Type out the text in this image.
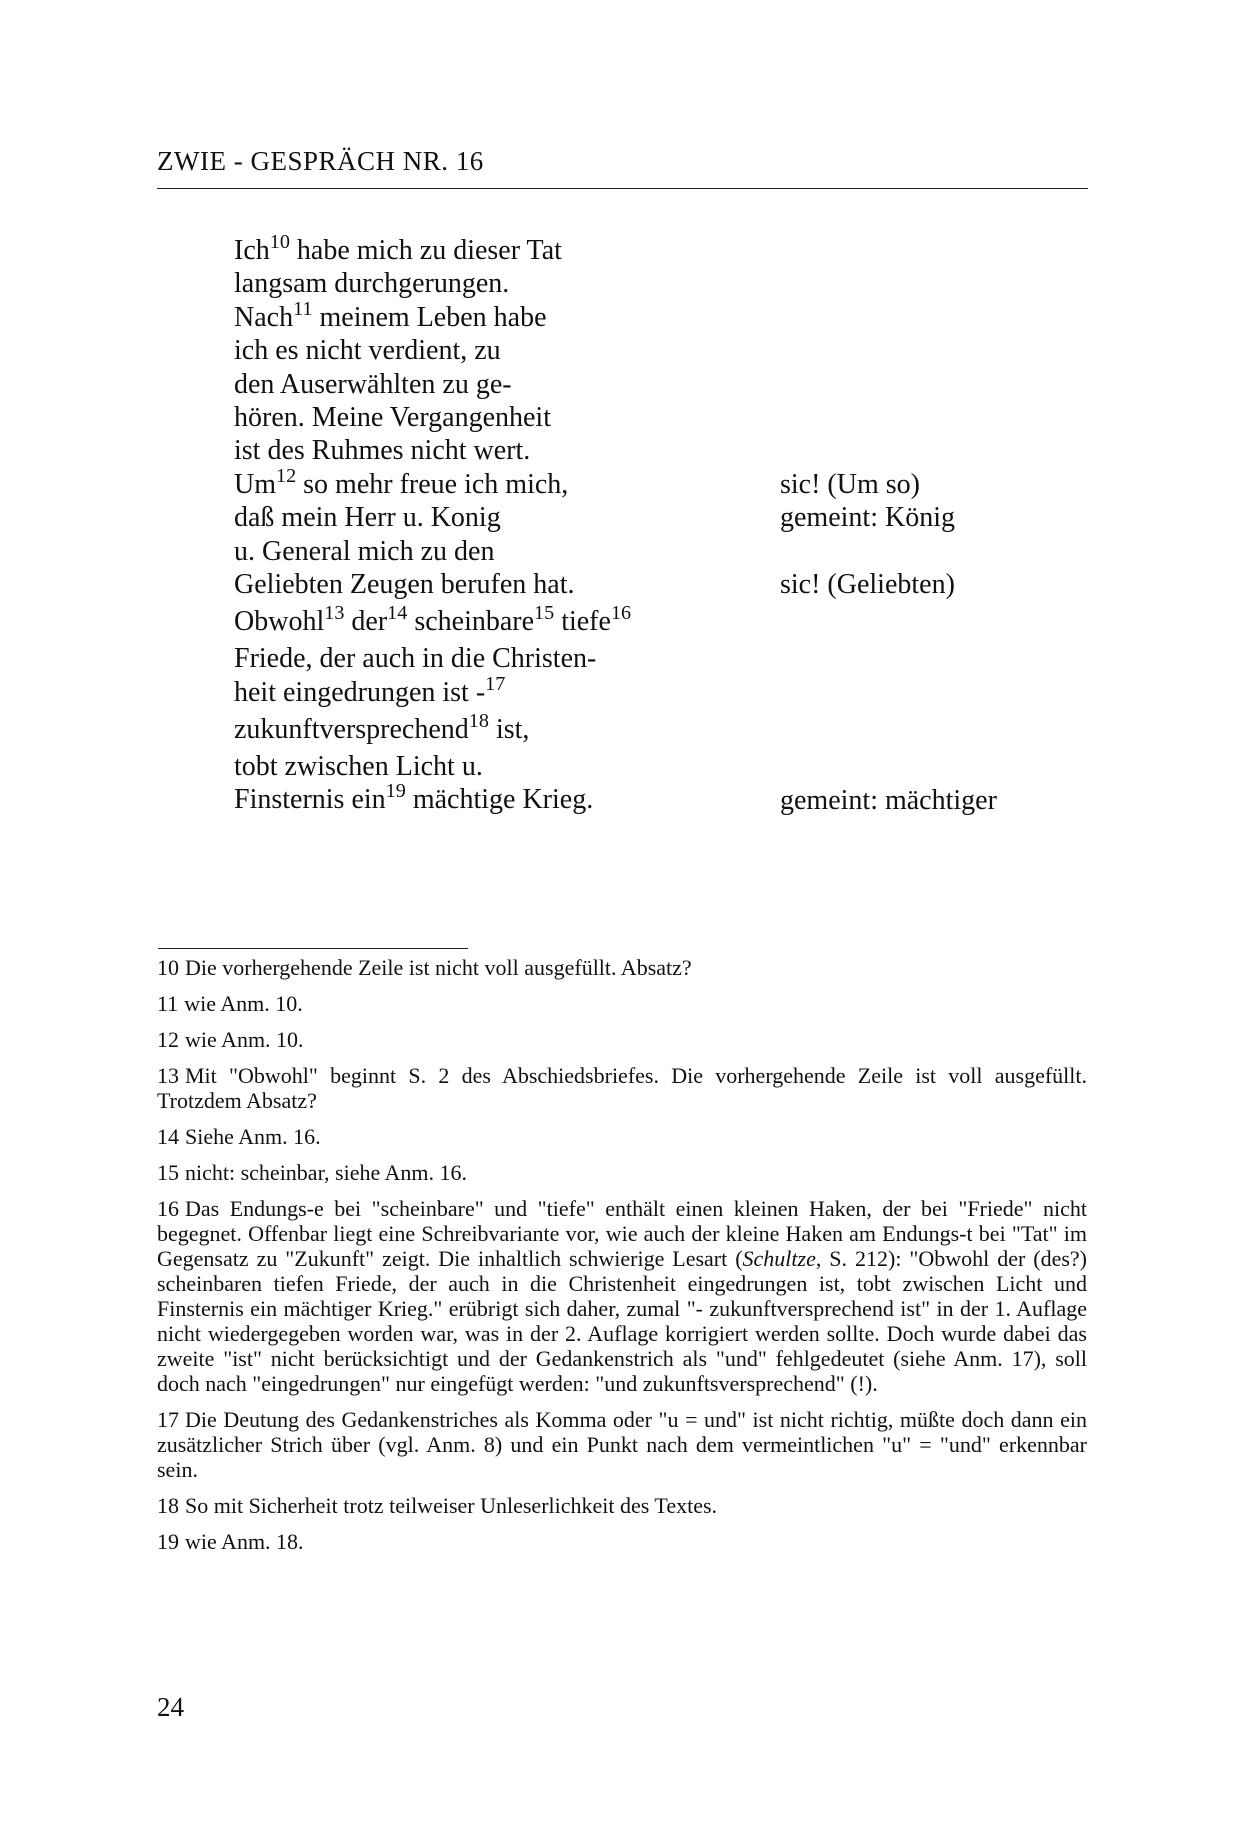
ZWIE - GESPRÄCH NR. 16
Ich$^{10}$ habe mich zu dieser Tat
langsam durchgerungen.
Nach$^{11}$ meinem Leben habe
ich es nicht verdient, zu
den Auserwählten zu ge-
hören. Meine Vergangenheit
ist des Ruhmes nicht wert.
Um$^{12}$ so mehr freue ich mich,
daß mein Herr u. Konig
u. General mich zu den
Geliebten Zeugen berufen hat.
Obwohl$^{13}$ der$^{14}$ scheinbare$^{15}$ tiefe$^{16}$
Friede, der auch in die Christen-
heit eingedrungen ist -$^{17}$
zukunftversprechend$^{18}$ ist,
tobt zwischen Licht u.
Finsternis ein$^{19}$ mächtige Krieg.
sic! (Um so)
gemeint: König
sic! (Geliebten)
gemeint: mächtiger

10 Die vorhergehende Zeile ist nicht voll ausgefüllt. Absatz?

11 wie Anm. 10.

12 wie Anm. 10.

13 Mit "Obwohl" beginnt S. 2 des Abschiedsbriefes. Die vorhergehende Zeile ist voll ausgefüllt. Trotzdem Absatz?

14 Siehe Anm. 16.

15 nicht: scheinbar, siehe Anm. 16.

16 Das Endungs-e bei "scheinbare" und "tiefe" enthält einen kleinen Haken, der bei "Friede" nicht begegnet. Offenbar liegt eine Schreibvariante vor, wie auch der kleine Haken am Endungs-t bei "Tat" im Gegensatz zu "Zukunft" zeigt. Die inhaltlich schwierige Lesart (Schultze, S. 212): "Obwohl der (des?) scheinbaren tiefen Friede, der auch in die Christenheit eingedrungen ist, tobt zwischen Licht und Finsternis ein mächtiger Krieg." erübrigt sich daher, zumal "- zukunftversprechend ist" in der 1. Auflage nicht wiedergegeben worden war, was in der 2. Auflage korrigiert werden sollte. Doch wurde dabei das zweite "ist" nicht berücksichtigt und der Gedankenstrich als "und" fehlgedeutet (siehe Anm. 17), soll doch nach "eingedrungen" nur eingefügt werden: "und zukunftsversprechend" (!).

17 Die Deutung des Gedankenstriches als Komma oder "u = und" ist nicht richtig, müßte doch dann ein zusätzlicher Strich über (vgl. Anm. 8) und ein Punkt nach dem vermeintlichen "u" = "und" erkennbar sein.

18 So mit Sicherheit trotz teilweiser Unleserlichkeit des Textes.

19 wie Anm. 18.

24
